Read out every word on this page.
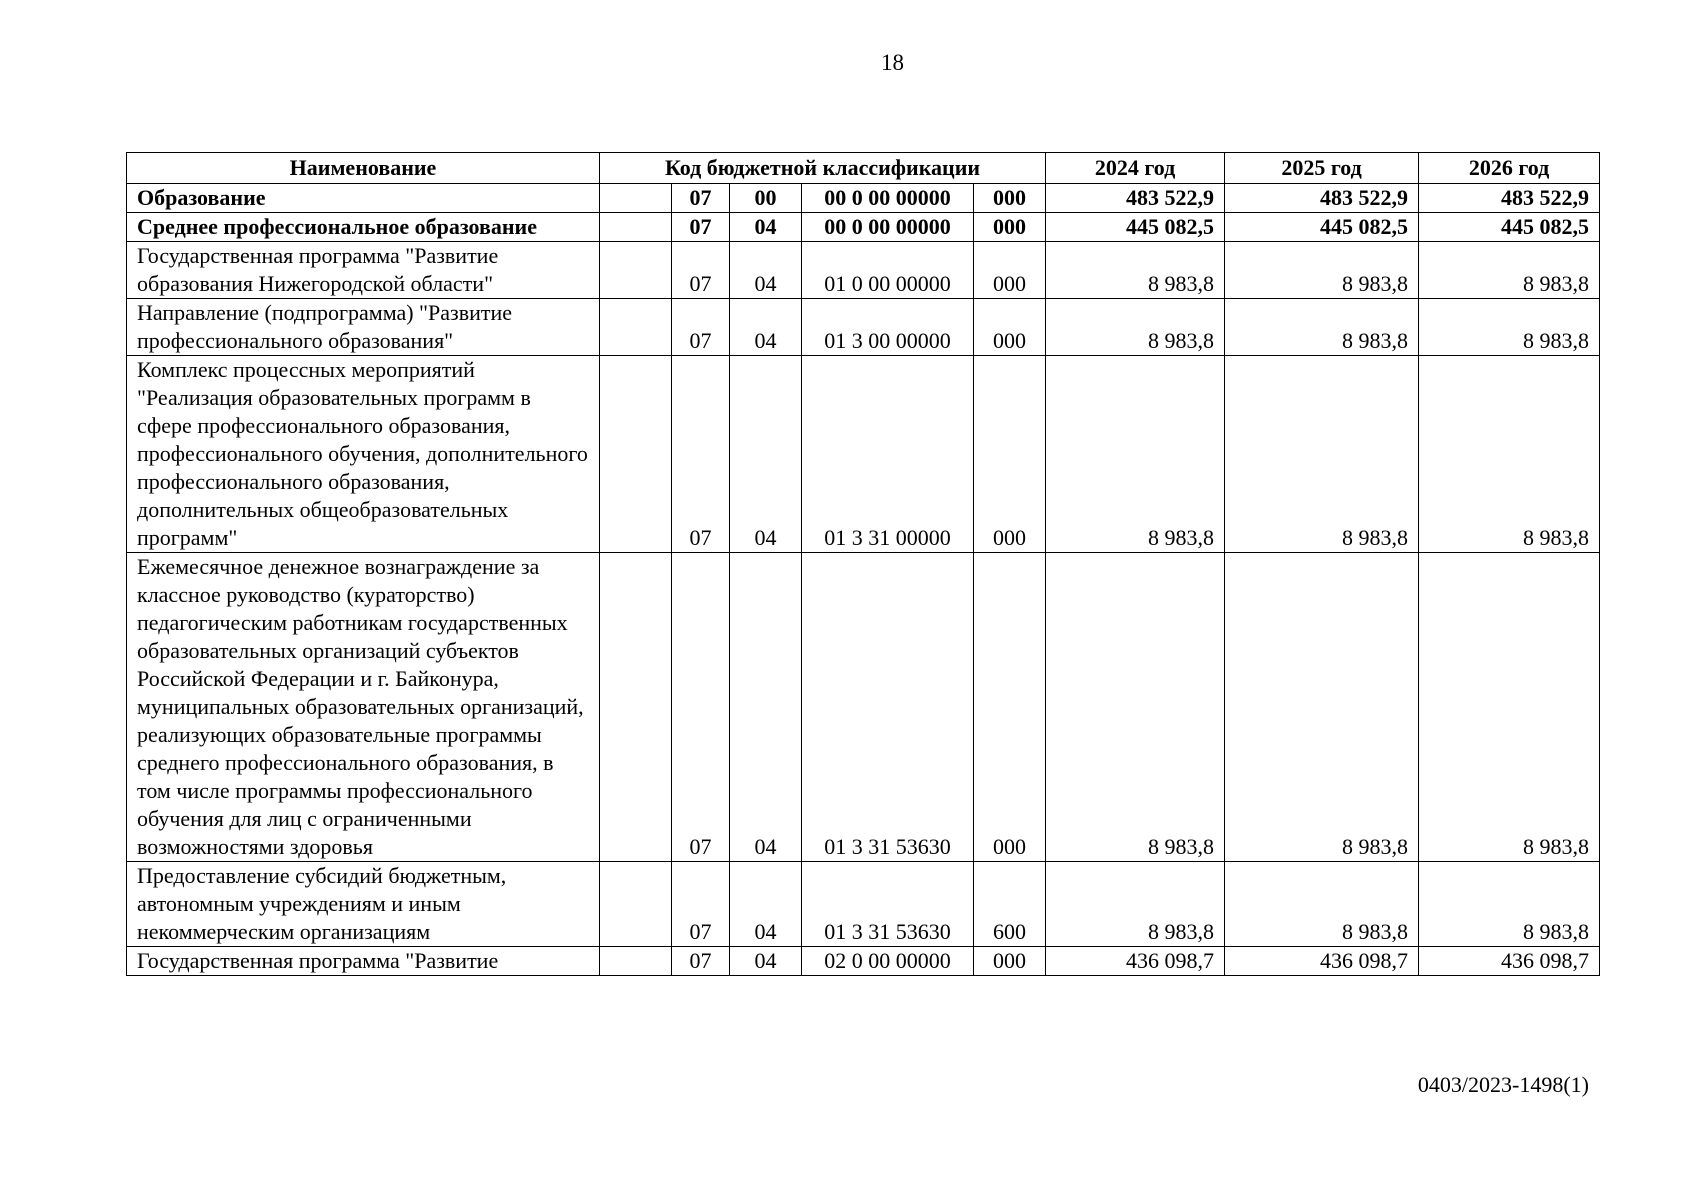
18
Наименование	Код бюджетной классификации					2024 год	2025 год	2026 год
Образование		07	00	00 0 00 00000	000	483 522,9	483 522,9	483 522,9
Среднее профессиональное образование		07	04	00 0 00 00000	000	445 082,5	445 082,5	445 082,5
Государственная программа "Развитие образования Нижегородской области"		07	04	01 0 00 00000	000	8 983,8	8 983,8	8 983,8
Направление (подпрограмма) "Развитие профессионального образования"		07	04	01 3 00 00000	000	8 983,8	8 983,8	8 983,8
Комплекс процессных мероприятий "Реализация образовательных программ в сфере профессионального образования, профессионального обучения, дополнительного профессионального образования, дополнительных общеобразовательных программ"		07	04	01 3 31 00000	000	8 983,8	8 983,8	8 983,8
Ежемесячное денежное вознаграждение за классное руководство (кураторство) педагогическим работникам государственных образовательных организаций субъектов Российской Федерации и г. Байконура, муниципальных образовательных организаций, реализующих образовательные программы среднего профессионального образования, в том числе программы профессионального обучения для лиц с ограниченными возможностями здоровья		07	04	01 3 31 53630	000	8 983,8	8 983,8	8 983,8
Предоставление субсидий бюджетным, автономным учреждениям и иным некоммерческим организациям		07	04	01 3 31 53630	600	8 983,8	8 983,8	8 983,8
Государственная программа "Развитие		07	04	02 0 00 00000	000	436 098,7	436 098,7	436 098,7
0403/2023-1498(1)
